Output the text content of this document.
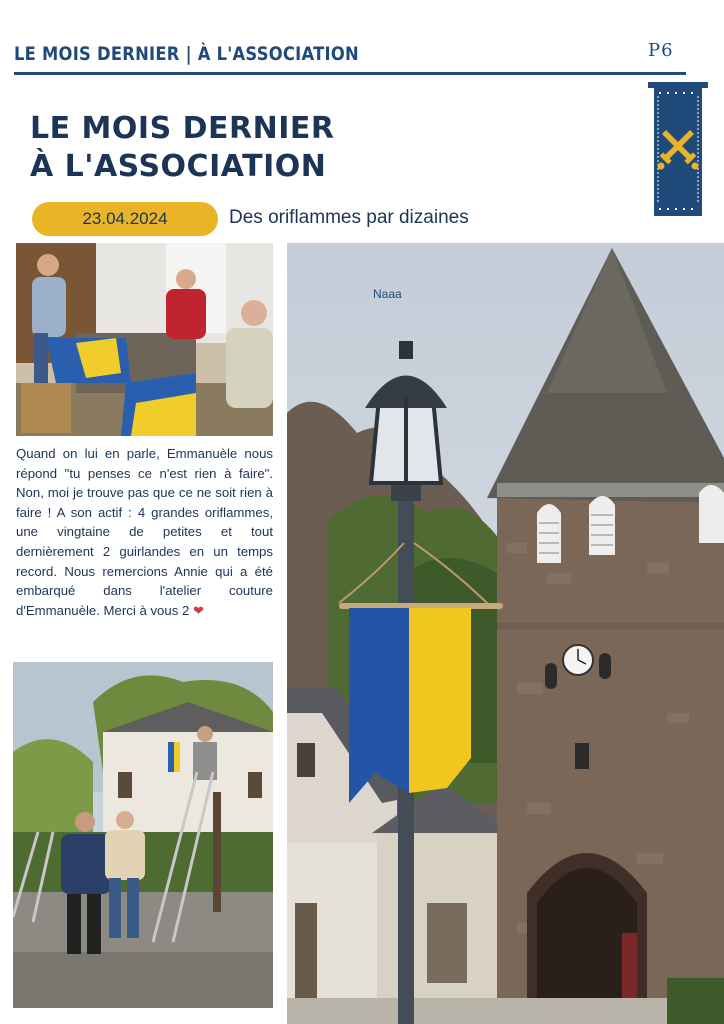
LE MOIS DERNIER | À L'ASSOCIATION	P6
LE MOIS DERNIER
À L'ASSOCIATION
23.04.2024	Des oriflammes par dizaines
Quand on lui en parle, Emmanuèle nous répond "tu penses ce n'est rien à faire". Non, moi je trouve pas que ce ne soit rien à faire ! A son actif : 4 grandes oriflammes, une vingtaine de petites et tout dernièrement 2 guirlandes en un temps record. Nous remercions Annie qui a été embarqué dans l'atelier couture d'Emmanuèle. Merci à vous 2 ❤
Naaa
